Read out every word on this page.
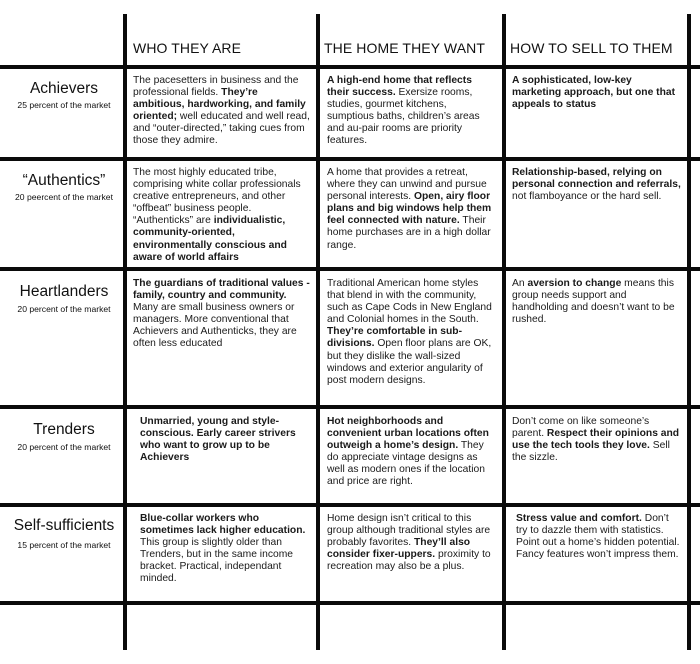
WHO THEY ARE	THE HOME THEY WANT HOW TO SELL TO THEM
Achievers
25 percent of the market
The pacesetters in business and the professional fields. They’re ambitious, hardworking, and family oriented; well educated and well read, and “outer-directed,” taking cues from those they admire.
A high-end home that reflects their success. Exersize rooms, studies, gourmet kitchens, sumptious baths, children’s areas and au-pair rooms are priority features.
A sophisticated, low-key marketing approach, but one that appeals to status
“Authentics”
20 peercent of the market
The most highly educated tribe, comprising white collar professionals creative entrepreneurs, and other “offbeat” business people. “Authenticks” are individualistic, community-oriented, environmentally conscious and aware of world affairs
A home that provides a retreat, where they can unwind and pursue personal interests. Open, airy floor plans and big windows help them feel connected with nature. Their home purchases are in a high dollar range.
Relationship-based, relying on personal connection and referrals, not flamboyance or the hard sell.
Heartlanders
20 percent of the market
The guardians of traditional values - family, country and community. Many are small business owners or managers. More conventional that Achievers and Authenticks, they are often less educated
Traditional American home styles that blend in with the community, such as Cape Cods in New England and Colonial homes in the South. They’re comfortable in sub-divisions. Open floor plans are OK, but they dislike the wall-sized windows and exterior angularity of post modern designs.
An aversion to change means this group needs support and handholding and doesn’t want to be rushed.
Trenders
20 percent of the market
Unmarried, young and style-conscious. Early career strivers who want to grow up to be Achievers
Hot neighborhoods and convenient urban locations often outweigh a home’s design. They do appreciate vintage designs as well as modern ones if the location and price are right.
Don’t come on like someone’s parent. Respect their opinions and use the tech tools they love. Sell the sizzle.
Self-sufficients
15 percent of the market
Blue-collar workers who sometimes lack higher education. This group is slightly older than Trenders, but in the same income bracket. Practical, independant minded.
Home design isn’t critical to this group although traditional styles are probably favorites. They’ll also consider fixer-uppers. proximity to recreation may also be a plus.
Stress value and comfort. Don’t try to dazzle them with statistics. Point out a home’s hidden potential. Fancy features won’t impress them.
